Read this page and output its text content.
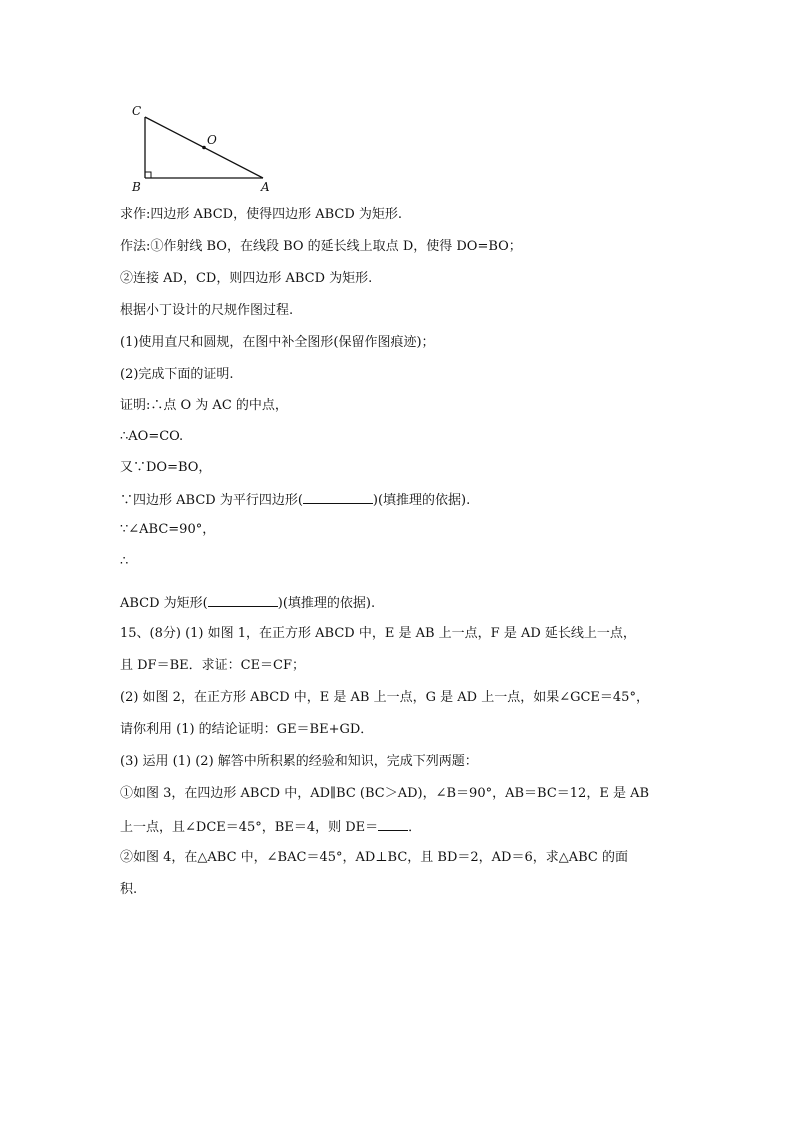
C
O
B	A
求作:四边形 ABCD，使得四边形 ABCD 为矩形.
作法:①作射线 BO，在线段 BO 的延长线上取点 D，使得 DO=BO；
②连接 AD，CD，则四边形 ABCD 为矩形.
根据小丁设计的尺规作图过程.
(1)使用直尺和圆规，在图中补全图形(保留作图痕迹)；
(2)完成下面的证明.
证明:∴点 O 为 AC 的中点，
∴AO=CO.
又∵DO=BO，
∵四边形 ABCD 为平行四边形(	)(填推理的依据).
∵∠ABC=90°，
∴
ABCD 为矩形(	)(填推理的依据).
15、(8分) (1) 如图 1，在正方形 ABCD 中，E 是 AB 上一点，F 是 AD 延长线上一点，
且 DF＝BE．求证：CE＝CF；
(2) 如图 2，在正方形 ABCD 中，E 是 AB 上一点，G 是 AD 上一点，如果∠GCE＝45°，
请你利用 (1) 的结论证明：GE＝BE+GD．
(3) 运用 (1) (2) 解答中所积累的经验和知识，完成下列两题：
①如图 3，在四边形 ABCD 中，AD∥BC (BC＞AD)，∠B＝90°，AB＝BC＝12，E 是 AB
上一点，且∠DCE＝45°，BE＝4，则 DE＝ ．
②如图 4，在△ABC 中，∠BAC＝45°，AD⊥BC，且 BD＝2，AD＝6，求△ABC 的面
积.
